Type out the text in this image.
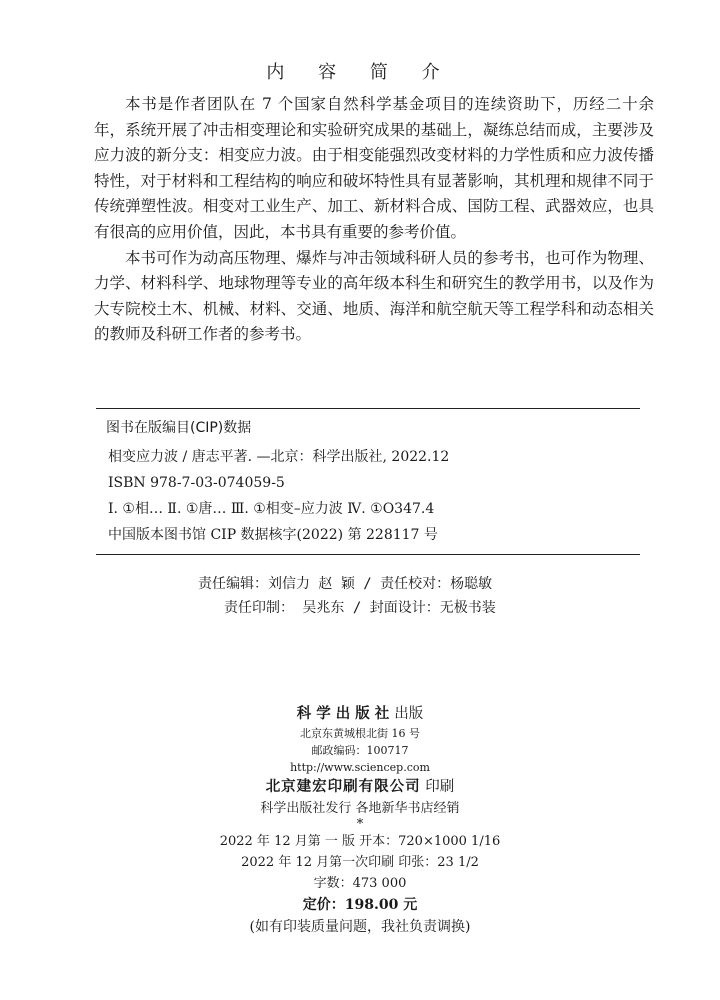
内 容 简 介

本书是作者团队在 7 个国家自然科学基金项目的连续资助下，历经二十余年，系统开展了冲击相变理论和实验研究成果的基础上，凝练总结而成，主要涉及应力波的新分支：相变应力波。由于相变能强烈改变材料的力学性质和应力波传播特性，对于材料和工程结构的响应和破坏特性具有显著影响，其机理和规律不同于传统弹塑性波。相变对工业生产、加工、新材料合成、国防工程、武器效应，也具有很高的应用价值，因此，本书具有重要的参考价值。

本书可作为动高压物理、爆炸与冲击领域科研人员的参考书，也可作为物理、力学、材料科学、地球物理等专业的高年级本科生和研究生的教学用书，以及作为大专院校土木、机械、材料、交通、地质、海洋和航空航天等工程学科和动态相关的教师及科研工作者的参考书。

图书在版编目(CIP)数据
相变应力波 / 唐志平著. —北京：科学出版社, 2022.12
ISBN 978-7-03-074059-5
Ⅰ. ①相… Ⅱ. ①唐… Ⅲ. ①相变–应力波 Ⅳ. ①O347.4
中国版本图书馆 CIP 数据核字(2022) 第 228117 号
责任编辑：刘信力 赵 颖 / 责任校对：杨聪敏
责任印制： 吴兆东 / 封面设计：无极书装
科学出版社出版
北京东黄城根北街 16 号
邮政编码：100717
http://www.sciencep.com
北京建宏印刷有限公司 印刷
科学出版社发行 各地新华书店经销
*
2022 年 12 月第 一 版 开本：720×1000 1/16
2022 年 12 月第一次印刷 印张：23 1/2
字数：473 000
定价：198.00 元
(如有印装质量问题，我社负责调换)
